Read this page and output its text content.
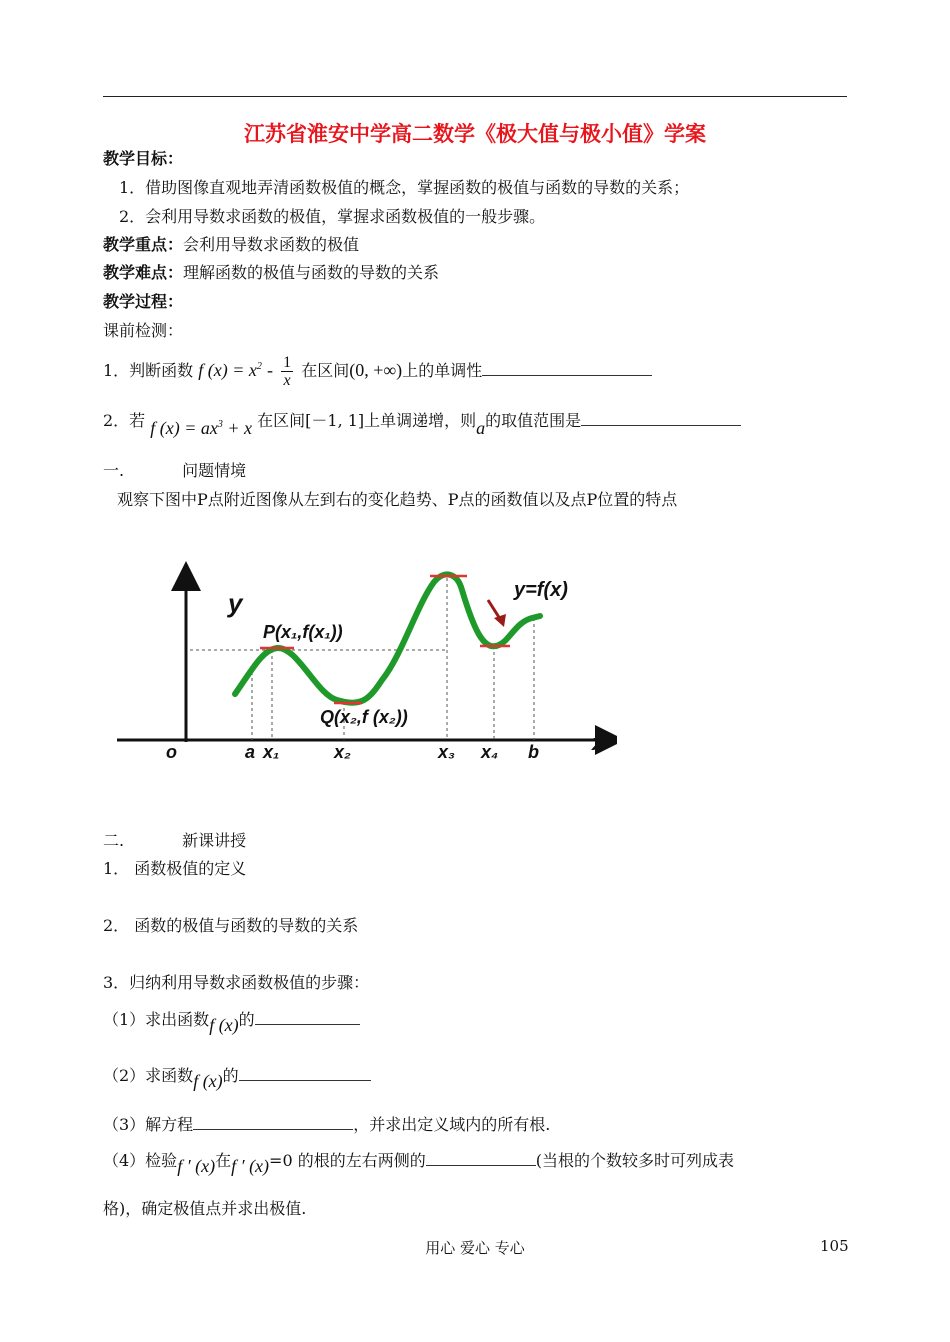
江苏省淮安中学高二数学《极大值与极小值》学案
教学目标：
1．借助图像直观地弄清函数极值的概念，掌握函数的极值与函数的导数的关系；
2．会利用导数求函数的极值，掌握求函数极值的一般步骤。
教学重点：会利用导数求函数的极值
教学难点：理解函数的极值与函数的导数的关系
教学过程：
课前检测：
1．判断函数 f $(x) = x^2 - \frac{1}{x}$ 在区间(0, +∞)上的单调性
2．若 f $(x) = ax^3 + x$ 在区间[－1, 1]上单调递增，则a的取值范围是
一.	问题情境
观察下图中P点附近图像从左到右的变化趋势、P点的函数值以及点P位置的特点
y
x
y=f(x)
P(x₁,f(x₁))
Q(x₂,f (x₂))
o	a x₁	x₂	x₃ x₄ b
二.	新课讲授
1． 函数极值的定义
2． 函数的极值与函数的导数的关系
3．归纳利用导数求函数极值的步骤：
（1）求出函数f (x)的
（2）求函数f (x)的
（3）解方程	，并求出定义域内的所有根.
（4）检验f ′ (x)在f ′ (x)=0 的根的左右两侧的	(当根的个数较多时可列成表
格)，确定极值点并求出极值.
用心 爱心 专心	105
